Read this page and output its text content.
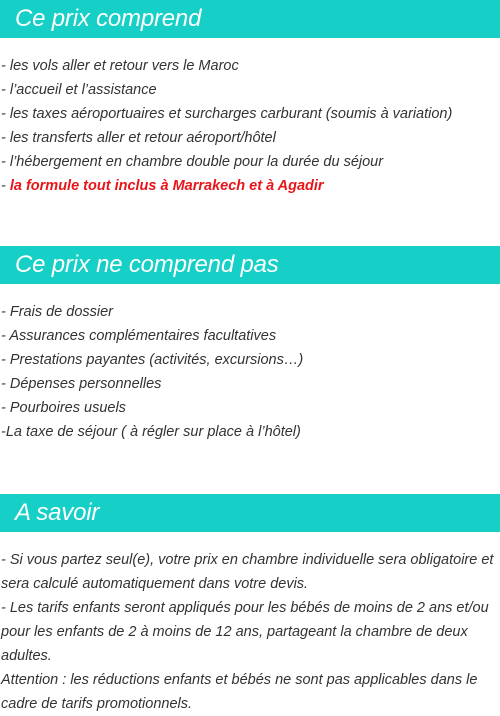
Ce prix comprend
- les vols aller et retour vers le Maroc
- l’accueil et l’assistance
- les taxes aéroportuaires et surcharges carburant (soumis à variation)
- les transferts aller et retour aéroport/hôtel
- l’hébergement en chambre double pour la durée du séjour
- la formule tout inclus à Marrakech et à Agadir
Ce prix ne comprend pas
- Frais de dossier
- Assurances complémentaires facultatives
- Prestations payantes (activités, excursions…)
- Dépenses personnelles
- Pourboires usuels
-La taxe de séjour ( à régler sur place à l’hôtel)
A savoir

- Si vous partez seul(e), votre prix en chambre individuelle sera obligatoire et sera calculé automatiquement dans votre devis.

- Les tarifs enfants seront appliqués pour les bébés de moins de 2 ans et/ou pour les enfants de 2 à moins de 12 ans, partageant la chambre de deux adultes.

Attention : les réductions enfants et bébés ne sont pas applicables dans le cadre de tarifs promotionnels.
